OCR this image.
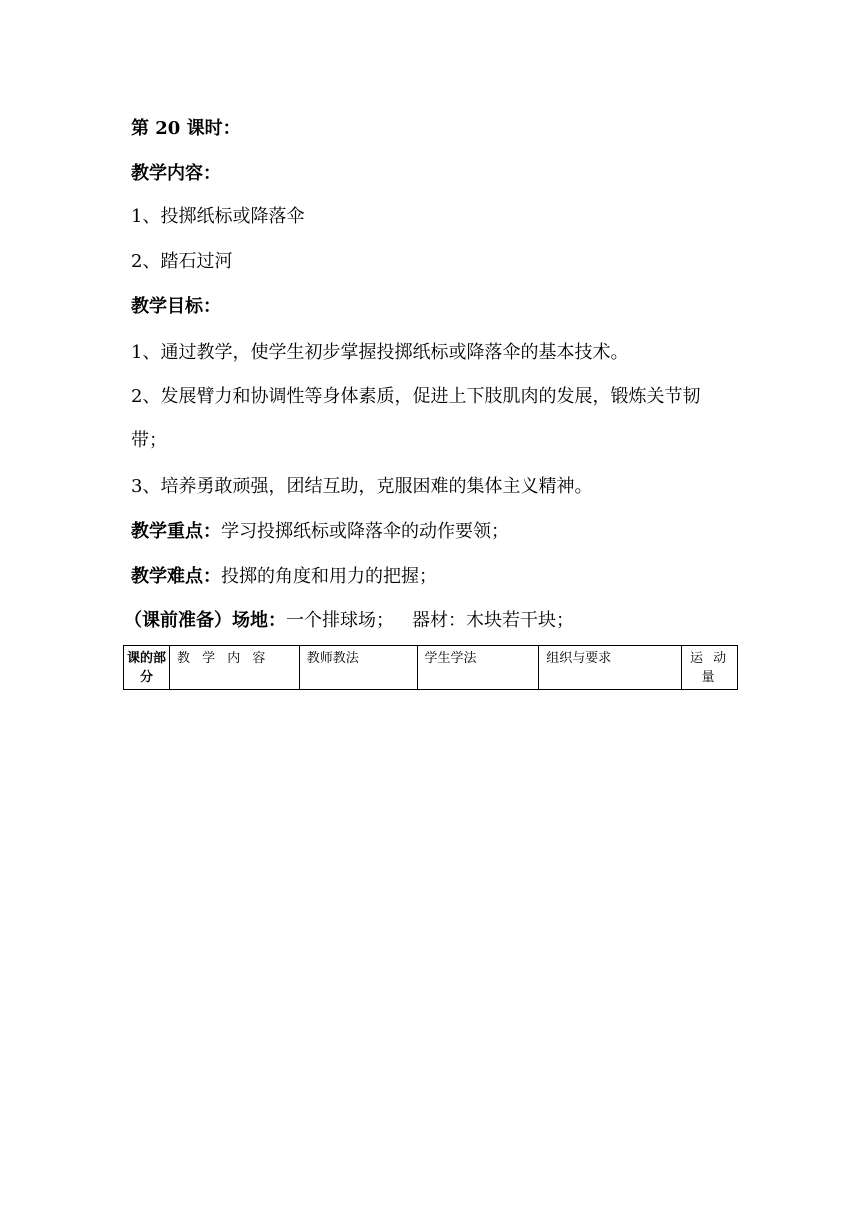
第 20 课时：
教学内容：
1、投掷纸标或降落伞
2、踏石过河
教学目标：
1、通过教学，使学生初步掌握投掷纸标或降落伞的基本技术。
2、发展臂力和协调性等身体素质，促进上下肢肌肉的发展，锻炼关节韧带；
3、培养勇敢顽强，团结互助，克服困难的集体主义精神。
教学重点：学习投掷纸标或降落伞的动作要领；
教学难点：投掷的角度和用力的把握；
（课前准备）场地：一个排球场； 器材：木块若干块；
课的部分	教 学 内 容	教师教法	学生学法	组织与要求	运 动 量
